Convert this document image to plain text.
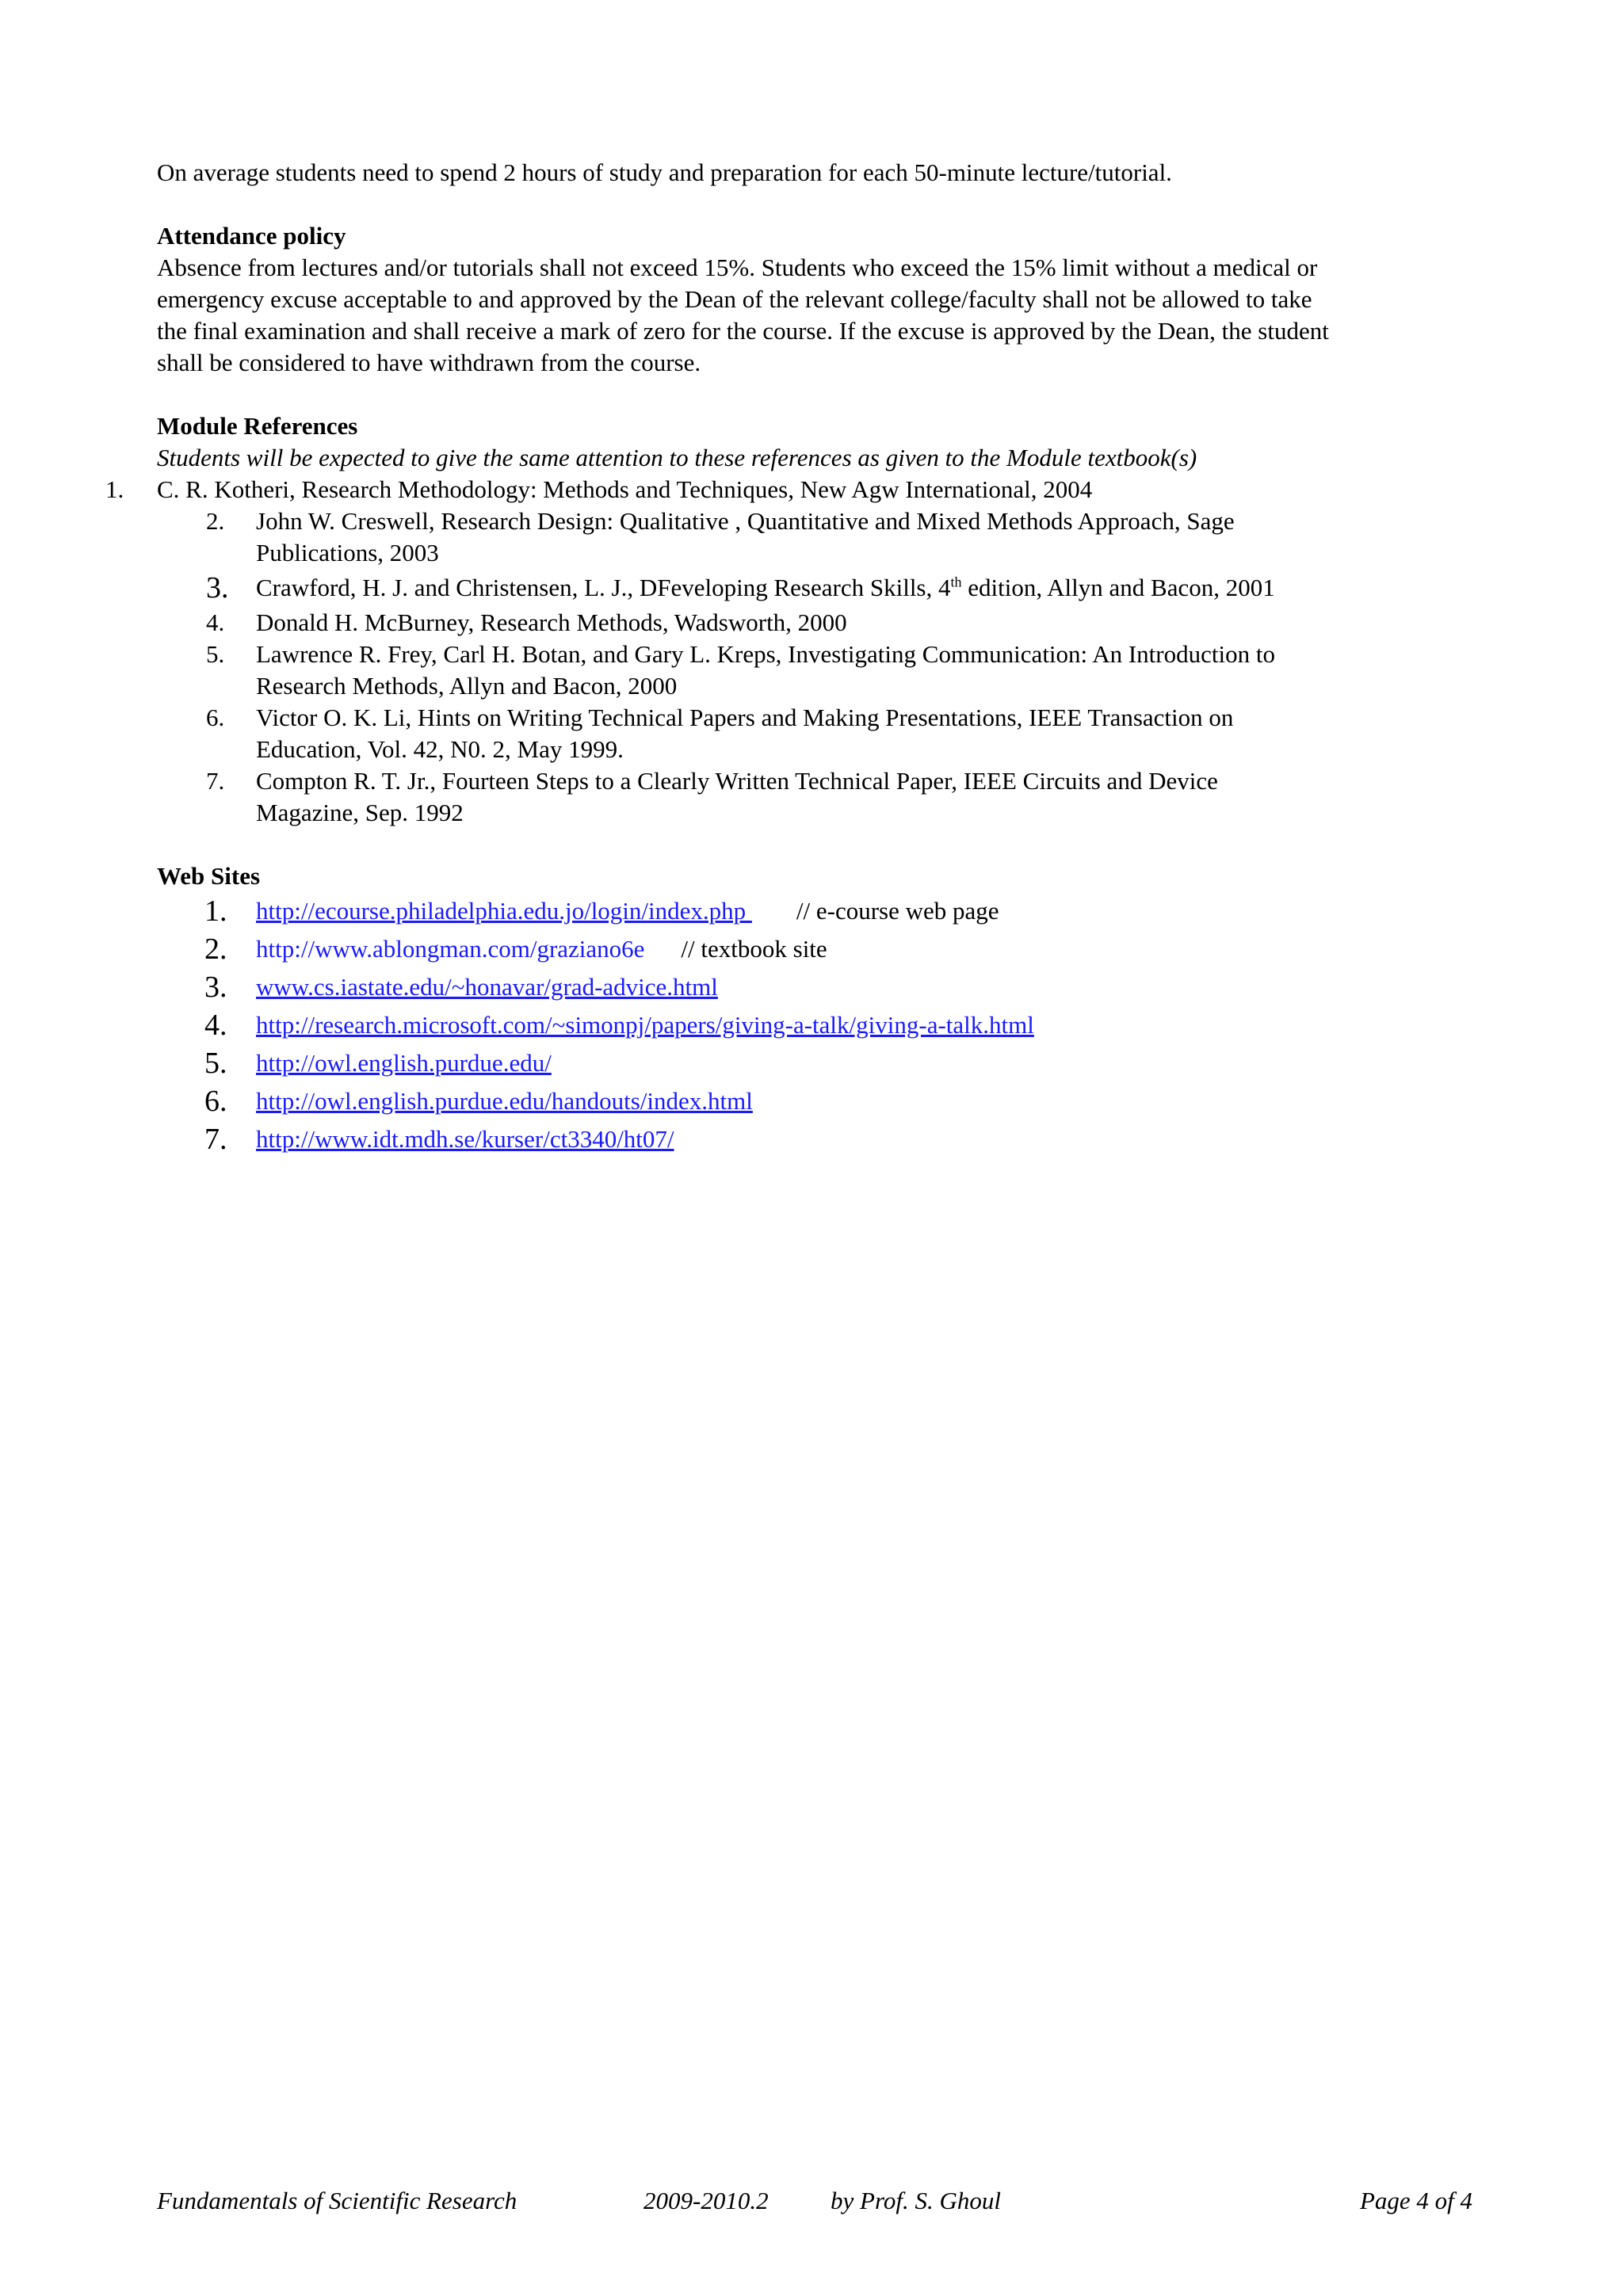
On average students need to spend 2 hours of study and preparation for each 50-minute lecture/tutorial.

Attendance policy

Absence from lectures and/or tutorials shall not exceed 15%. Students who exceed the 15% limit without a medical or
emergency excuse acceptable to and approved by the Dean of the relevant college/faculty shall not be allowed to take
the final examination and shall receive a mark of zero for the course. If the excuse is approved by the Dean, the student
shall be considered to have withdrawn from the course.

Module References

Students will be expected to give the same attention to these references as given to the Module textbook(s)

1.	C. R. Kotheri, Research Methodology: Methods and Techniques, New Agw International, 2004
2.	John W. Creswell, Research Design: Qualitative , Quantitative and Mixed Methods Approach, Sage
Publications, 2003
3.	Crawford, H. J. and Christensen, L. J., DFeveloping Research Skills, 4th edition, Allyn and Bacon, 2001
4.	Donald H. McBurney, Research Methods, Wadsworth, 2000
5.	Lawrence R. Frey, Carl H. Botan, and Gary L. Kreps, Investigating Communication: An Introduction to
Research Methods, Allyn and Bacon, 2000
6.	Victor O. K. Li, Hints on Writing Technical Papers and Making Presentations, IEEE Transaction on
Education, Vol. 42, N0. 2, May 1999.
7.	Compton R. T. Jr., Fourteen Steps to a Clearly Written Technical Paper, IEEE Circuits and Device
Magazine, Sep. 1992

Web Sites

1. http://ecourse.philadelphia.edu.jo/login/index.php // e-course web page
2. http://www.ablongman.com/graziano6e // textbook site
3. www.cs.iastate.edu/~honavar/grad-advice.html
4. http://research.microsoft.com/~simonpj/papers/giving-a-talk/giving-a-talk.html
5. http://owl.english.purdue.edu/
6. http://owl.english.purdue.edu/handouts/index.html
7. http://www.idt.mdh.se/kurser/ct3340/ht07/
Fundamentals of Scientific Research	2009-2010.2	by Prof. S. Ghoul	Page 4 of 4
